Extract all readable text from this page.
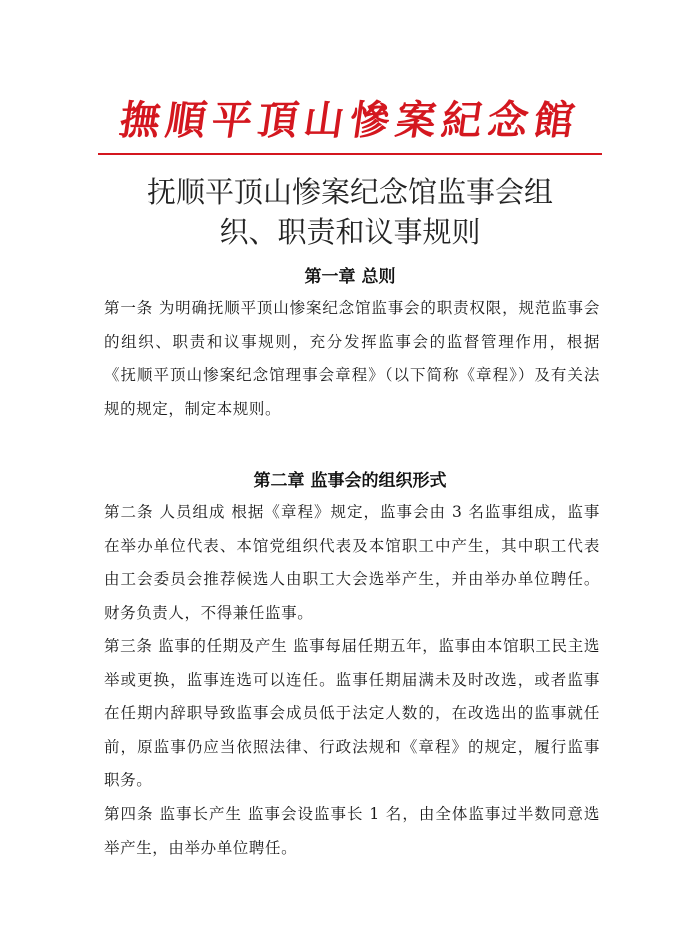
撫順平頂山慘案紀念館
抚顺平顶山惨案纪念馆监事会组
织、职责和议事规则
第一章 总则
第一条 为明确抚顺平顶山惨案纪念馆监事会的职责权限，规范监事会的组织、职责和议事规则，充分发挥监事会的监督管理作用，根据《抚顺平顶山惨案纪念馆理事会章程》（以下简称《章程》）及有关法规的规定，制定本规则。
第二章 监事会的组织形式
第二条 人员组成 根据《章程》规定，监事会由 3 名监事组成，监事在举办单位代表、本馆党组织代表及本馆职工中产生，其中职工代表由工会委员会推荐候选人由职工大会选举产生，并由举办单位聘任。财务负责人，不得兼任监事。
第三条 监事的任期及产生 监事每届任期五年，监事由本馆职工民主选举或更换，监事连选可以连任。监事任期届满未及时改选，或者监事在任期内辞职导致监事会成员低于法定人数的，在改选出的监事就任前，原监事仍应当依照法律、行政法规和《章程》的规定，履行监事职务。
第四条 监事长产生 监事会设监事长 1 名，由全体监事过半数同意选举产生，由举办单位聘任。
